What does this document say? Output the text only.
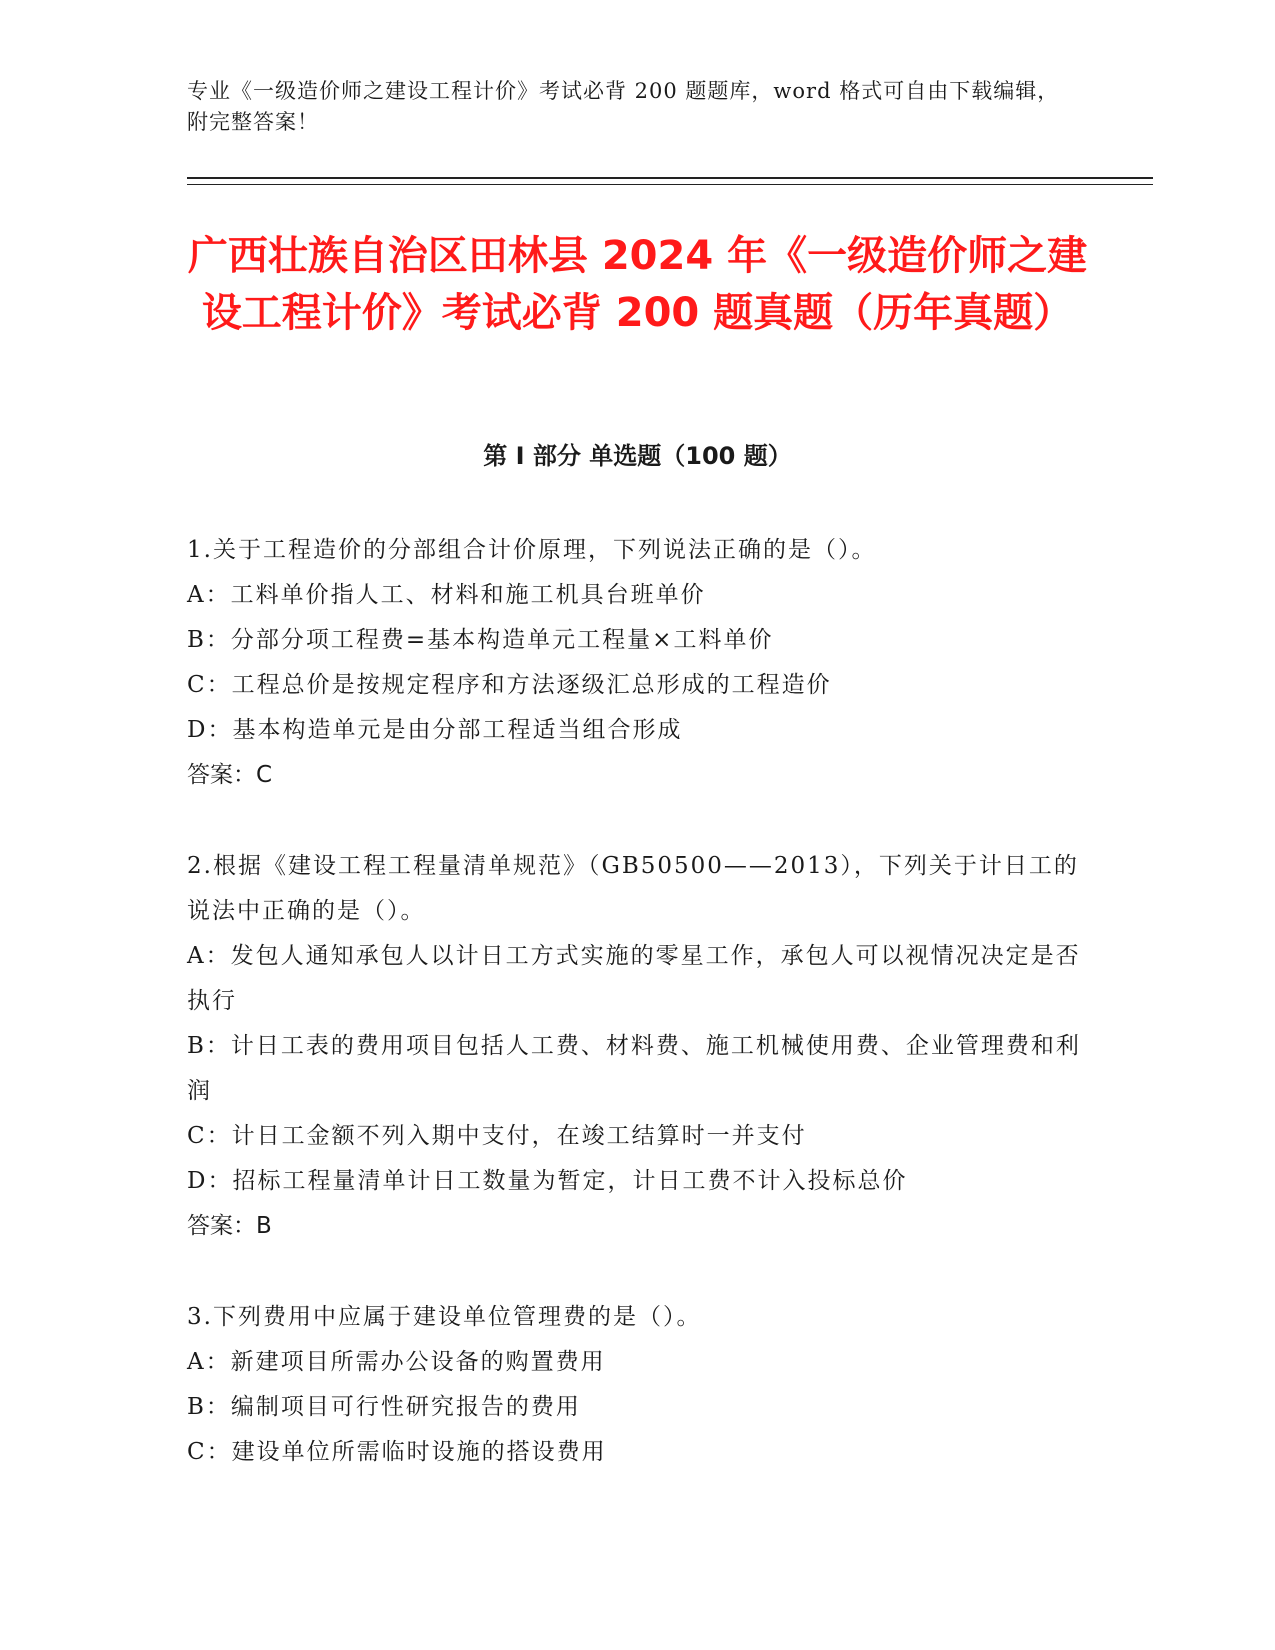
专业《一级造价师之建设工程计价》考试必背 200 题题库，word 格式可自由下载编辑，附完整答案！
广西壮族自治区田林县 2024 年《一级造价师之建设工程计价》考试必背 200 题真题（历年真题）
第 I 部分 单选题（100 题）

1.关于工程造价的分部组合计价原理，下列说法正确的是（）。

A：工料单价指人工、材料和施工机具台班单价

B：分部分项工程费=基本构造单元工程量×工料单价

C：工程总价是按规定程序和方法逐级汇总形成的工程造价

D：基本构造单元是由分部工程适当组合形成

答案：C

2.根据《建设工程工程量清单规范》（GB50500——2013），下列关于计日工的说法中正确的是（）。

A：发包人通知承包人以计日工方式实施的零星工作，承包人可以视情况决定是否执行

B：计日工表的费用项目包括人工费、材料费、施工机械使用费、企业管理费和利润

C：计日工金额不列入期中支付，在竣工结算时一并支付

D：招标工程量清单计日工数量为暂定，计日工费不计入投标总价

答案：B

3.下列费用中应属于建设单位管理费的是（）。

A：新建项目所需办公设备的购置费用

B：编制项目可行性研究报告的费用

C：建设单位所需临时设施的搭设费用
